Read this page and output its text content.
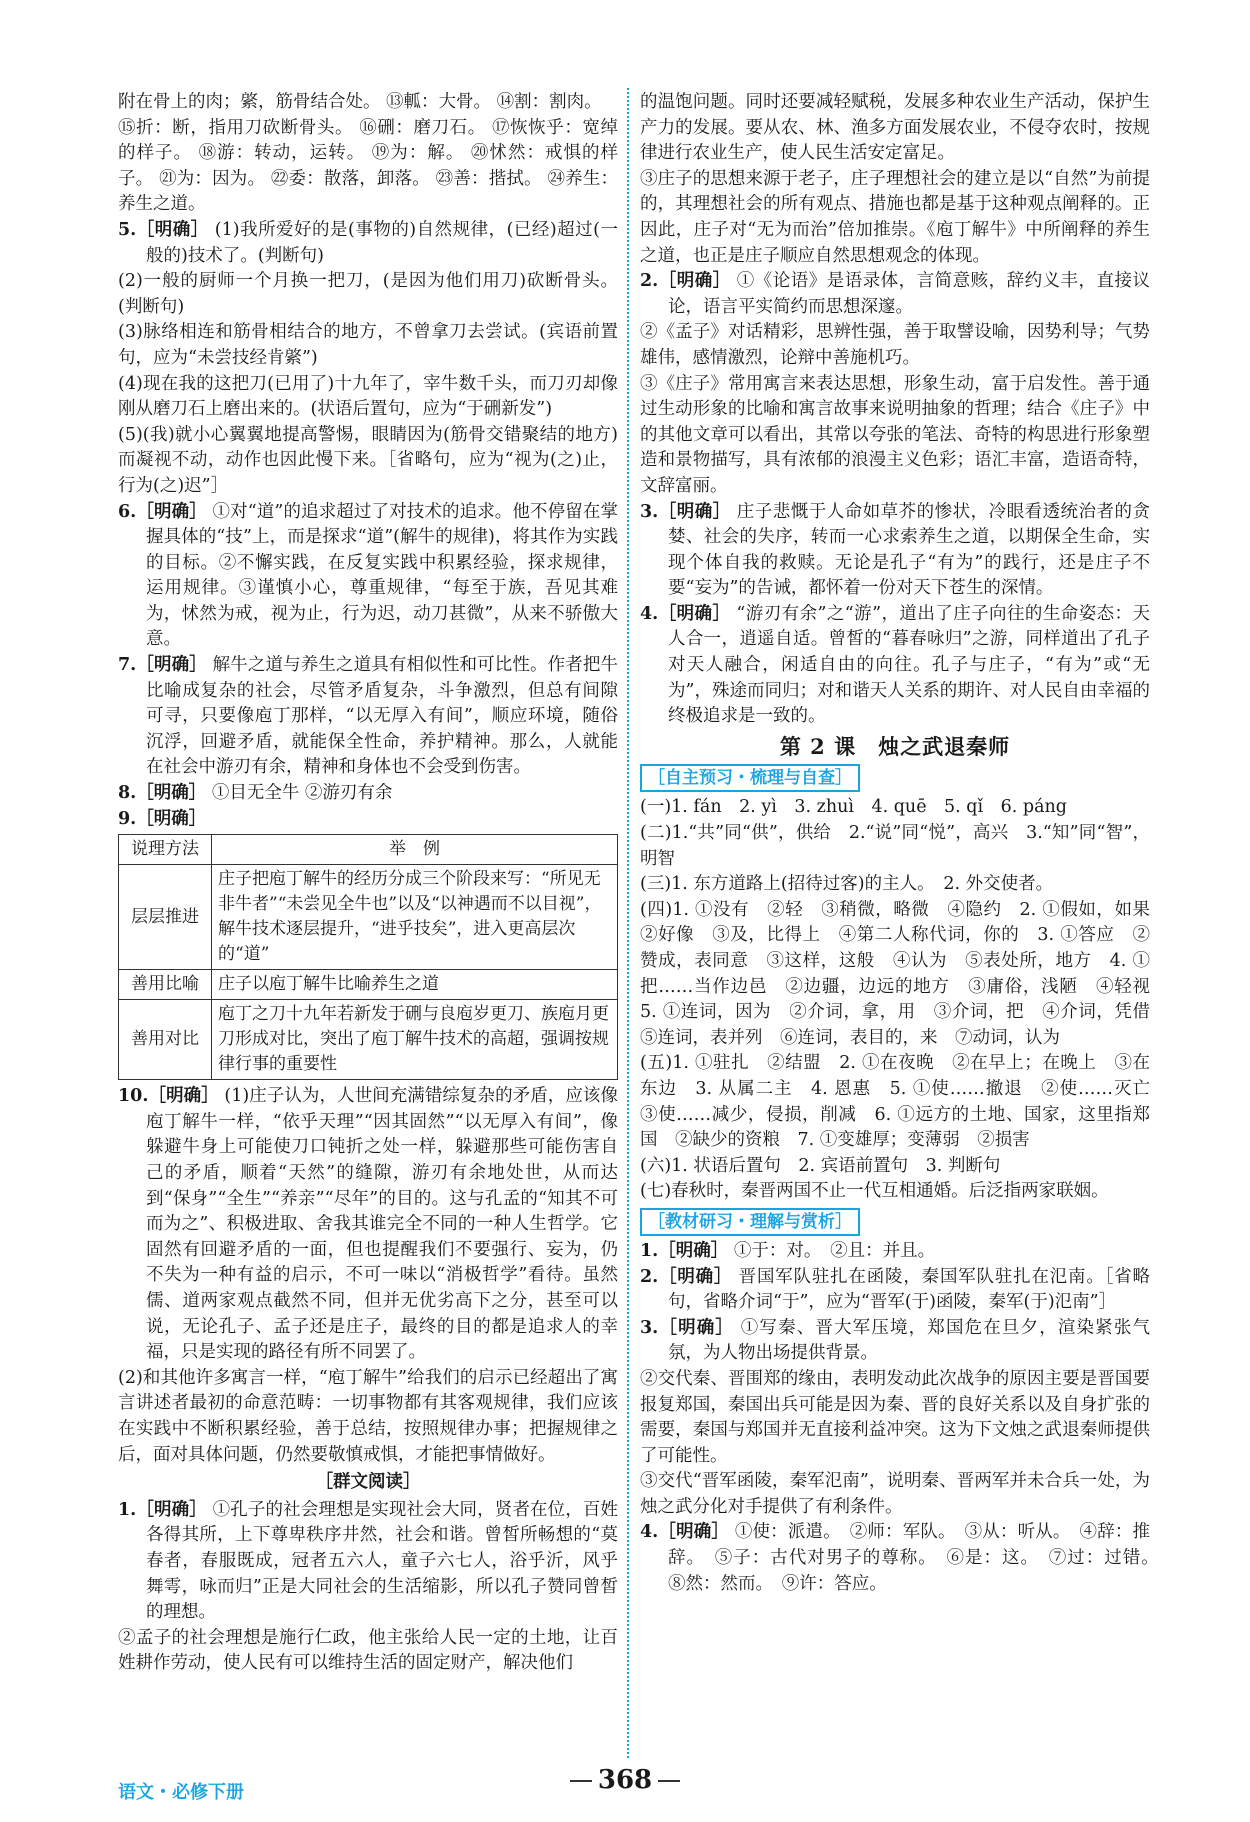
附在骨上的肉；綮，筋骨结合处。 ⑬軱：大骨。 ⑭割：割肉。

⑮折：断，指用刀砍断骨头。 ⑯硎：磨刀石。 ⑰恢恢乎：宽绰的样子。 ⑱游：转动，运转。 ⑲为：解。 ⑳怵然：戒惧的样子。 ㉑为：因为。 ㉒委：散落，卸落。 ㉓善：揩拭。 ㉔养生：养生之道。

5.［明确］ (1)我所爱好的是(事物的)自然规律，(已经)超过(一般的)技术了。(判断句)

(2)一般的厨师一个月换一把刀，(是因为他们用刀)砍断骨头。(判断句)

(3)脉络相连和筋骨相结合的地方，不曾拿刀去尝试。(宾语前置句，应为“未尝技经肯綮”)

(4)现在我的这把刀(已用了)十九年了，宰牛数千头，而刀刃却像刚从磨刀石上磨出来的。(状语后置句，应为“于硎新发”)

(5)(我)就小心翼翼地提高警惕，眼睛因为(筋骨交错聚结的地方)而凝视不动，动作也因此慢下来。［省略句，应为“视为(之)止，行为(之)迟”］

6.［明确］ ①对“道”的追求超过了对技术的追求。他不停留在掌握具体的“技”上，而是探求“道”(解牛的规律)，将其作为实践的目标。②不懈实践，在反复实践中积累经验，探求规律，运用规律。③谨慎小心，尊重规律，“每至于族，吾见其难为，怵然为戒，视为止，行为迟，动刀甚微”，从来不骄傲大意。

7.［明确］ 解牛之道与养生之道具有相似性和可比性。作者把牛比喻成复杂的社会，尽管矛盾复杂，斗争激烈，但总有间隙可寻，只要像庖丁那样，“以无厚入有间”，顺应环境，随俗沉浮，回避矛盾，就能保全性命，养护精神。那么，人就能在社会中游刃有余，精神和身体也不会受到伤害。

8.［明确］ ①目无全牛 ②游刃有余

9.［明确］

说理方法	举　例
层层推进	庄子把庖丁解牛的经历分成三个阶段来写：“所见无非牛者”“未尝见全牛也”以及“以神遇而不以目视”，解牛技术逐层提升，“进乎技矣”，进入更高层次的“道”
善用比喻	庄子以庖丁解牛比喻养生之道
善用对比	庖丁之刀十九年若新发于硎与良庖岁更刀、族庖月更刀形成对比，突出了庖丁解牛技术的高超，强调按规律行事的重要性

10.［明确］ (1)庄子认为，人世间充满错综复杂的矛盾，应该像庖丁解牛一样，“依乎天理”“因其固然”“以无厚入有间”，像躲避牛身上可能使刀口钝折之处一样，躲避那些可能伤害自己的矛盾，顺着“天然”的缝隙，游刃有余地处世，从而达到“保身”“全生”“养亲”“尽年”的目的。这与孔孟的“知其不可而为之”、积极进取、舍我其谁完全不同的一种人生哲学。它固然有回避矛盾的一面，但也提醒我们不要强行、妄为，仍不失为一种有益的启示，不可一味以“消极哲学”看待。虽然儒、道两家观点截然不同，但并无优劣高下之分，甚至可以说，无论孔子、孟子还是庄子，最终的目的都是追求人的幸福，只是实现的路径有所不同罢了。

(2)和其他许多寓言一样，“庖丁解牛”给我们的启示已经超出了寓言讲述者最初的命意范畴：一切事物都有其客观规律，我们应该在实践中不断积累经验，善于总结，按照规律办事；把握规律之后，面对具体问题，仍然要敬慎戒惧，才能把事情做好。

［群文阅读］

1.［明确］ ①孔子的社会理想是实现社会大同，贤者在位，百姓各得其所，上下尊卑秩序井然，社会和谐。曾皙所畅想的“莫春者，春服既成，冠者五六人，童子六七人，浴乎沂，风乎舞雩，咏而归”正是大同社会的生活缩影，所以孔子赞同曾皙的理想。

②孟子的社会理想是施行仁政，他主张给人民一定的土地，让百姓耕作劳动，使人民有可以维持生活的固定财产，解决他们

的温饱问题。同时还要减轻赋税，发展多种农业生产活动，保护生产力的发展。要从农、林、渔多方面发展农业，不侵夺农时，按规律进行农业生产，使人民生活安定富足。

③庄子的思想来源于老子，庄子理想社会的建立是以“自然”为前提的，其理想社会的所有观点、措施也都是基于这种观点阐释的。正因此，庄子对“无为而治”倍加推崇。《庖丁解牛》中所阐释的养生之道，也正是庄子顺应自然思想观念的体现。

2.［明确］ ①《论语》是语录体，言简意赅，辞约义丰，直接议论，语言平实简约而思想深邃。

②《孟子》对话精彩，思辨性强，善于取譬设喻，因势利导；气势雄伟，感情激烈，论辩中善施机巧。

③《庄子》常用寓言来表达思想，形象生动，富于启发性。善于通过生动形象的比喻和寓言故事来说明抽象的哲理；结合《庄子》中的其他文章可以看出，其常以夸张的笔法、奇特的构思进行形象塑造和景物描写，具有浓郁的浪漫主义色彩；语汇丰富，造语奇特，文辞富丽。

3.［明确］ 庄子悲慨于人命如草芥的惨状，冷眼看透统治者的贪婪、社会的失序，转而一心求索养生之道，以期保全生命，实现个体自我的救赎。无论是孔子“有为”的践行，还是庄子不要“妄为”的告诫，都怀着一份对天下苍生的深情。

4.［明确］ “游刃有余”之“游”，道出了庄子向往的生命姿态：天人合一，逍遥自适。曾皙的“暮春咏归”之游，同样道出了孔子对天人融合，闲适自由的向往。孔子与庄子，“有为”或“无为”，殊途而同归；对和谐天人关系的期许、对人民自由幸福的终极追求是一致的。

第 2 课　烛之武退秦师

［自主预习・梳理与自查］

(一)1. fán　2. yì　3. zhuì　4. quē　5. qǐ　6. páng

(二)1.“共”同“供”，供给　2.“说”同“悦”，高兴　3.“知”同“智”，明智

(三)1. 东方道路上(招待过客)的主人。　2. 外交使者。

(四)1. ①没有　②轻　③稍微，略微　④隐约　2. ①假如，如果　②好像　③及，比得上　④第二人称代词，你的　3. ①答应　②赞成，表同意　③这样，这般　④认为　⑤表处所，地方　4. ①把……当作边邑　②边疆，边远的地方　③庸俗，浅陋　④轻视　5. ①连词，因为　②介词，拿，用　③介词，把　④介词，凭借　⑤连词，表并列　⑥连词，表目的，来　⑦动词，认为

(五)1. ①驻扎　②结盟　2. ①在夜晚　②在早上；在晚上　③在东边　3. 从属二主　4. 恩惠　5. ①使……撤退　②使……灭亡　③使……减少，侵损，削减　6. ①远方的土地、国家，这里指郑国　②缺少的资粮　7. ①变雄厚；变薄弱　②损害

(六)1. 状语后置句　2. 宾语前置句　3. 判断句

(七)春秋时，秦晋两国不止一代互相通婚。后泛指两家联姻。

［教材研习・理解与赏析］

1.［明确］ ①于：对。　②且：并且。

2.［明确］ 晋国军队驻扎在函陵，秦国军队驻扎在氾南。［省略句，省略介词“于”，应为“晋军(于)函陵，秦军(于)氾南”］

3.［明确］ ①写秦、晋大军压境，郑国危在旦夕，渲染紧张气氛，为人物出场提供背景。

②交代秦、晋围郑的缘由，表明发动此次战争的原因主要是晋国要报复郑国，秦国出兵可能是因为秦、晋的良好关系以及自身扩张的需要，秦国与郑国并无直接利益冲突。这为下文烛之武退秦师提供了可能性。

③交代“晋军函陵，秦军氾南”，说明秦、晋两军并未合兵一处，为烛之武分化对手提供了有利条件。

4.［明确］ ①使：派遣。　②师：军队。　③从：听从。　④辞：推辞。　⑤子：古代对男子的尊称。　⑥是：这。　⑦过：过错。　⑧然：然而。　⑨许：答应。

语文・必修下册	368
